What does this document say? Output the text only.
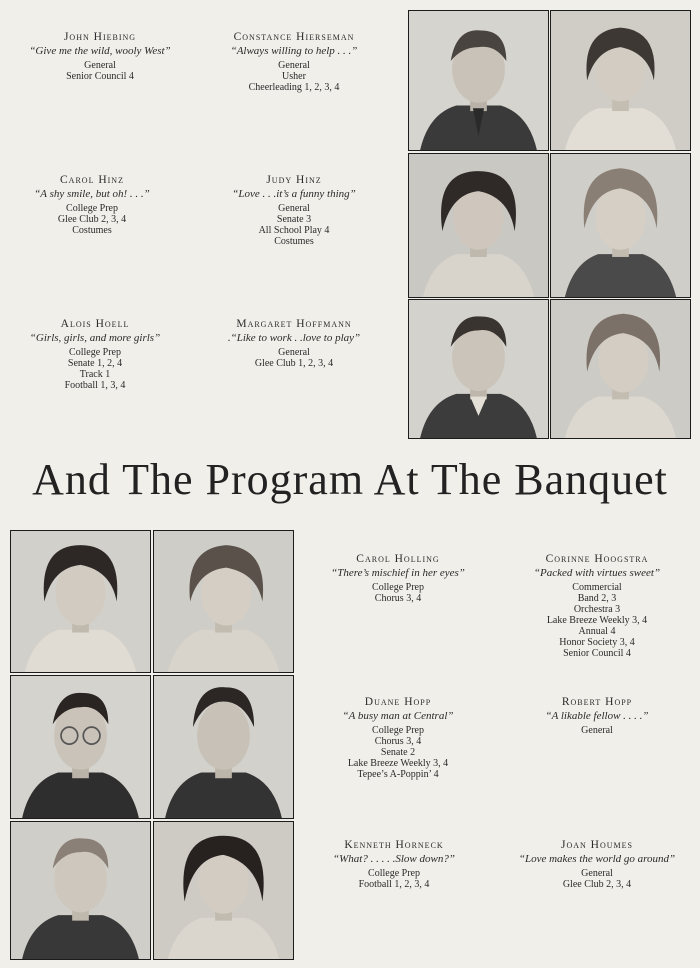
John Hiebing
“Give me the wild, wooly West”
General
Senior Council 4
Constance Hierseman
“Always willing to help . . .”
General
Usher
Cheerleading 1, 2, 3, 4
Carol Hinz
“A shy smile, but oh! . . .”
College Prep
Glee Club 2, 3, 4
Costumes
Judy Hinz
“Love . . .it’s a funny thing”
General
Senate 3
All School Play 4
Costumes
Alois Hoell
“Girls, girls, and more girls”
College Prep
Senate 1, 2, 4
Track 1
Football 1, 3, 4
Margaret Hoffmann
.“Like to work . .love to play”
General
Glee Club 1, 2, 3, 4
And The Program At The Banquet
Carol Holling
“There’s mischief in her eyes”
College Prep
Chorus 3, 4
Corinne Hoogstra
“Packed with virtues sweet”
Commercial
Band 2, 3
Orchestra 3
Lake Breeze Weekly 3, 4
Annual 4
Honor Society 3, 4
Senior Council 4
Duane Hopp
“A busy man at Central”
College Prep
Chorus 3, 4
Senate 2
Lake Breeze Weekly 3, 4
Tepee’s A-Poppin’ 4
Robert Hopp
“A likable fellow . . . .”
General
Kenneth Horneck
“What? . . . . .Slow down?”
College Prep
Football 1, 2, 3, 4
Joan Houmes
“Love makes the world go around”
General
Glee Club 2, 3, 4
